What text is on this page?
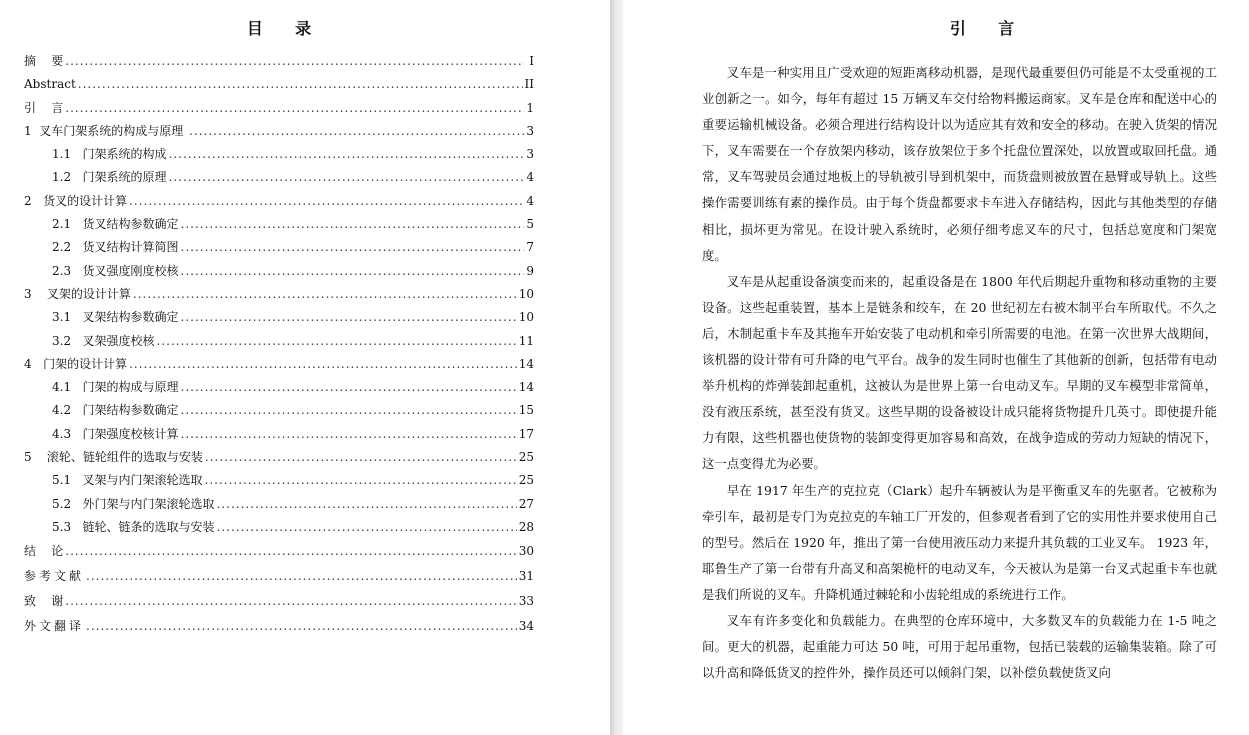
目    录
摘    要 .....	I
Abstract .....	II
引    言 .....	1
1  叉车门架系统的构成与原理 .....	3
1.1   门架系统的构成 .....	3
1.2   门架系统的原理 .....	4
2   货叉的设计计算 .....	4
2.1   货叉结构参数确定 .....	5
2.2   货叉结构计算简图 .....	7
2.3   货叉强度刚度校核 .....	9
3    叉架的设计计算 .....	10
3.1   叉架结构参数确定 .....	10
3.2   叉架强度校核 .....	11
4   门架的设计计算 .....	14
4.1   门架的构成与原理 .....	14
4.2   门架结构参数确定 .....	15
4.3   门架强度校核计算 .....	17
5    滚轮、链轮组件的选取与安装 .....	25
5.1   叉架与内门架滚轮选取 .....	25
5.2   外门架与内门架滚轮选取 .....	27
5.3   链轮、链条的选取与安装 .....	28
结    论 .....	30
参考文献 .....	31
致    谢 .....	33
外文翻译 .....	34
引    言

叉车是一种实用且广受欢迎的短距离移动机器，是现代最重要但仍可能是不太受重视的工业创新之一。如今，每年有超过 15 万辆叉车交付给物料搬运商家。叉车是仓库和配送中心的重要运输机械设备。必须合理进行结构设计以为适应其有效和安全的移动。在驶入货架的情况下，叉车需要在一个存放架内移动，该存放架位于多个托盘位置深处，以放置或取回托盘。通常，叉车驾驶员会通过地板上的导轨被引导到机架中，而货盘则被放置在悬臂或导轨上。这些操作需要训练有素的操作员。由于每个货盘都要求卡车进入存储结构，因此与其他类型的存储相比，损坏更为常见。在设计驶入系统时，必须仔细考虑叉车的尺寸，包括总宽度和门架宽度。

叉车是从起重设备演变而来的，起重设备是在 1800 年代后期起升重物和移动重物的主要设备。这些起重装置，基本上是链条和绞车，在 20 世纪初左右被木制平台车所取代。不久之后，木制起重卡车及其拖车开始安装了电动机和牵引所需要的电池。在第一次世界大战期间，该机器的设计带有可升降的电气平台。战争的发生同时也催生了其他新的创新，包括带有电动举升机构的炸弹装卸起重机，这被认为是世界上第一台电动叉车。早期的叉车模型非常简单，没有液压系统，甚至没有货叉。这些早期的设备被设计成只能将货物提升几英寸。即使提升能力有限，这些机器也使货物的装卸变得更加容易和高效，在战争造成的劳动力短缺的情况下，这一点变得尤为必要。

早在 1917 年生产的克拉克（Clark）起升车辆被认为是平衡重叉车的先驱者。它被称为牵引车，最初是专门为克拉克的车轴工厂开发的，但参观者看到了它的实用性并要求使用自己的型号。然后在 1920 年，推出了第一台使用液压动力来提升其负载的工业叉车。 1923 年，耶鲁生产了第一台带有升高叉和高架桅杆的电动叉车，今天被认为是第一台叉式起重卡车也就是我们所说的叉车。升降机通过棘轮和小齿轮组成的系统进行工作。

叉车有许多变化和负载能力。在典型的仓库环境中，大多数叉车的负载能力在 1-5 吨之间。更大的机器，起重能力可达 50 吨，可用于起吊重物，包括已装载的运输集装箱。除了可以升高和降低货叉的控件外，操作员还可以倾斜门架，以补偿负载使货叉向
